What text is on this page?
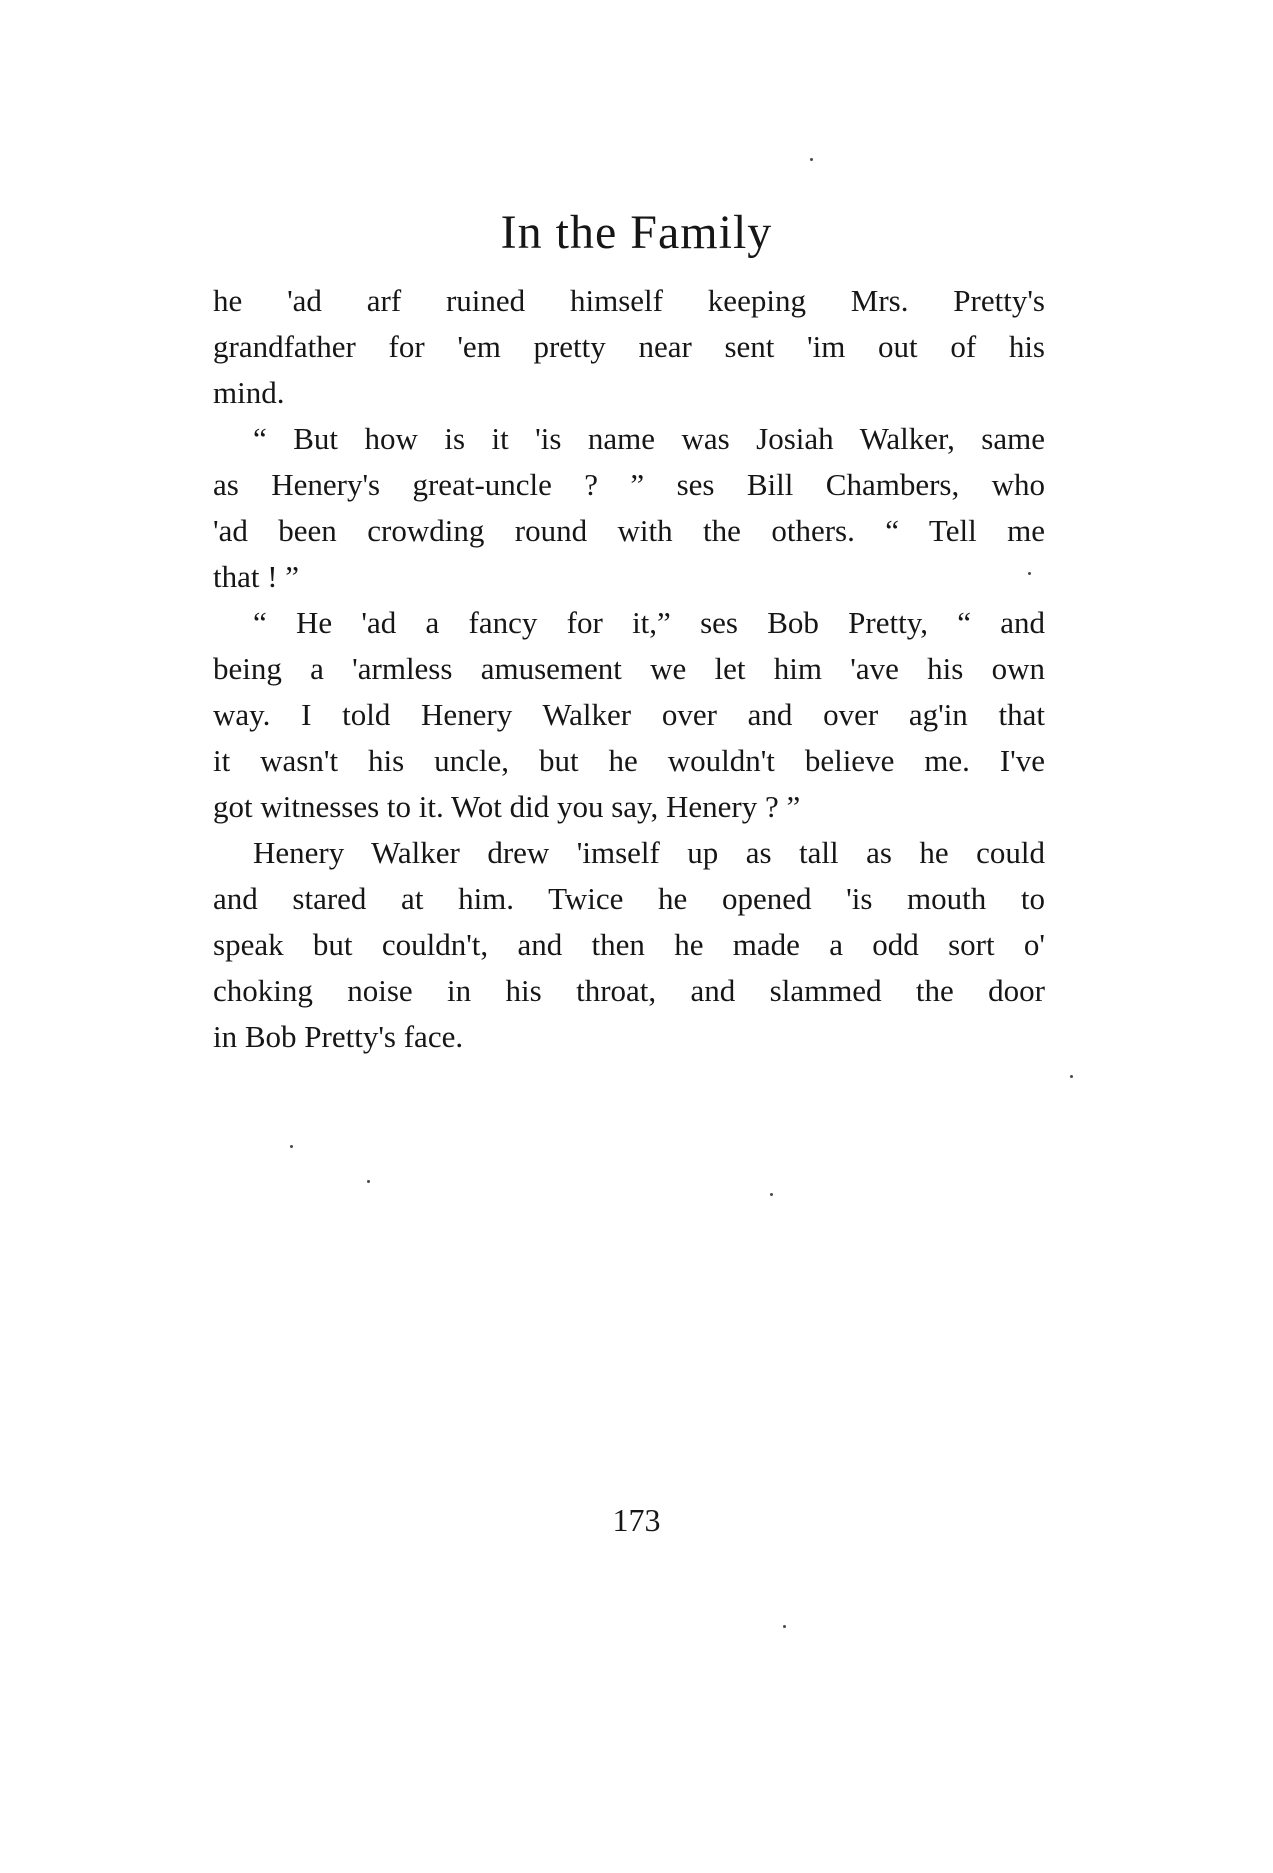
In the Family
he 'ad arf ruined himself keeping Mrs. Pretty's
grandfather for 'em pretty near sent 'im out of his
mind.
“ But how is it 'is name was Josiah Walker, same
as Henery's great-uncle ? ” ses Bill Chambers, who
'ad been crowding round with the others. “ Tell me
that ! ”
“ He 'ad a fancy for it,” ses Bob Pretty, “ and
being a 'armless amusement we let him 'ave his own
way. I told Henery Walker over and over ag'in that
it wasn't his uncle, but he wouldn't believe me. I've
got witnesses to it. Wot did you say, Henery ? ”
Henery Walker drew 'imself up as tall as he could
and stared at him. Twice he opened 'is mouth to
speak but couldn't, and then he made a odd sort o'
choking noise in his throat, and slammed the door
in Bob Pretty's face.
173
